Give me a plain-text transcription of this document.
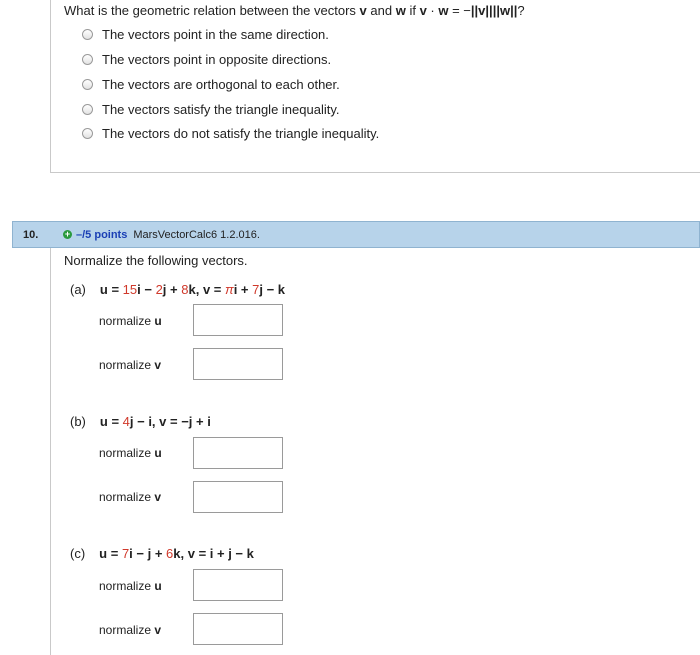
What is the geometric relation between the vectors v and w if v · w = −||v||||w||?
The vectors point in the same direction.
The vectors point in opposite directions.
The vectors are orthogonal to each other.
The vectors satisfy the triangle inequality.
The vectors do not satisfy the triangle inequality.
10.	+ –/5 points MarsVectorCalc6 1.2.016.
Normalize the following vectors.
(a) u = 15i − 2j + 8k, v = πi + 7j − k
normalize u
normalize v
(b) u = 4j − i, v = −j + i
normalize u
normalize v
(c) u = 7i − j + 6k, v = i + j − k
normalize u
normalize v
